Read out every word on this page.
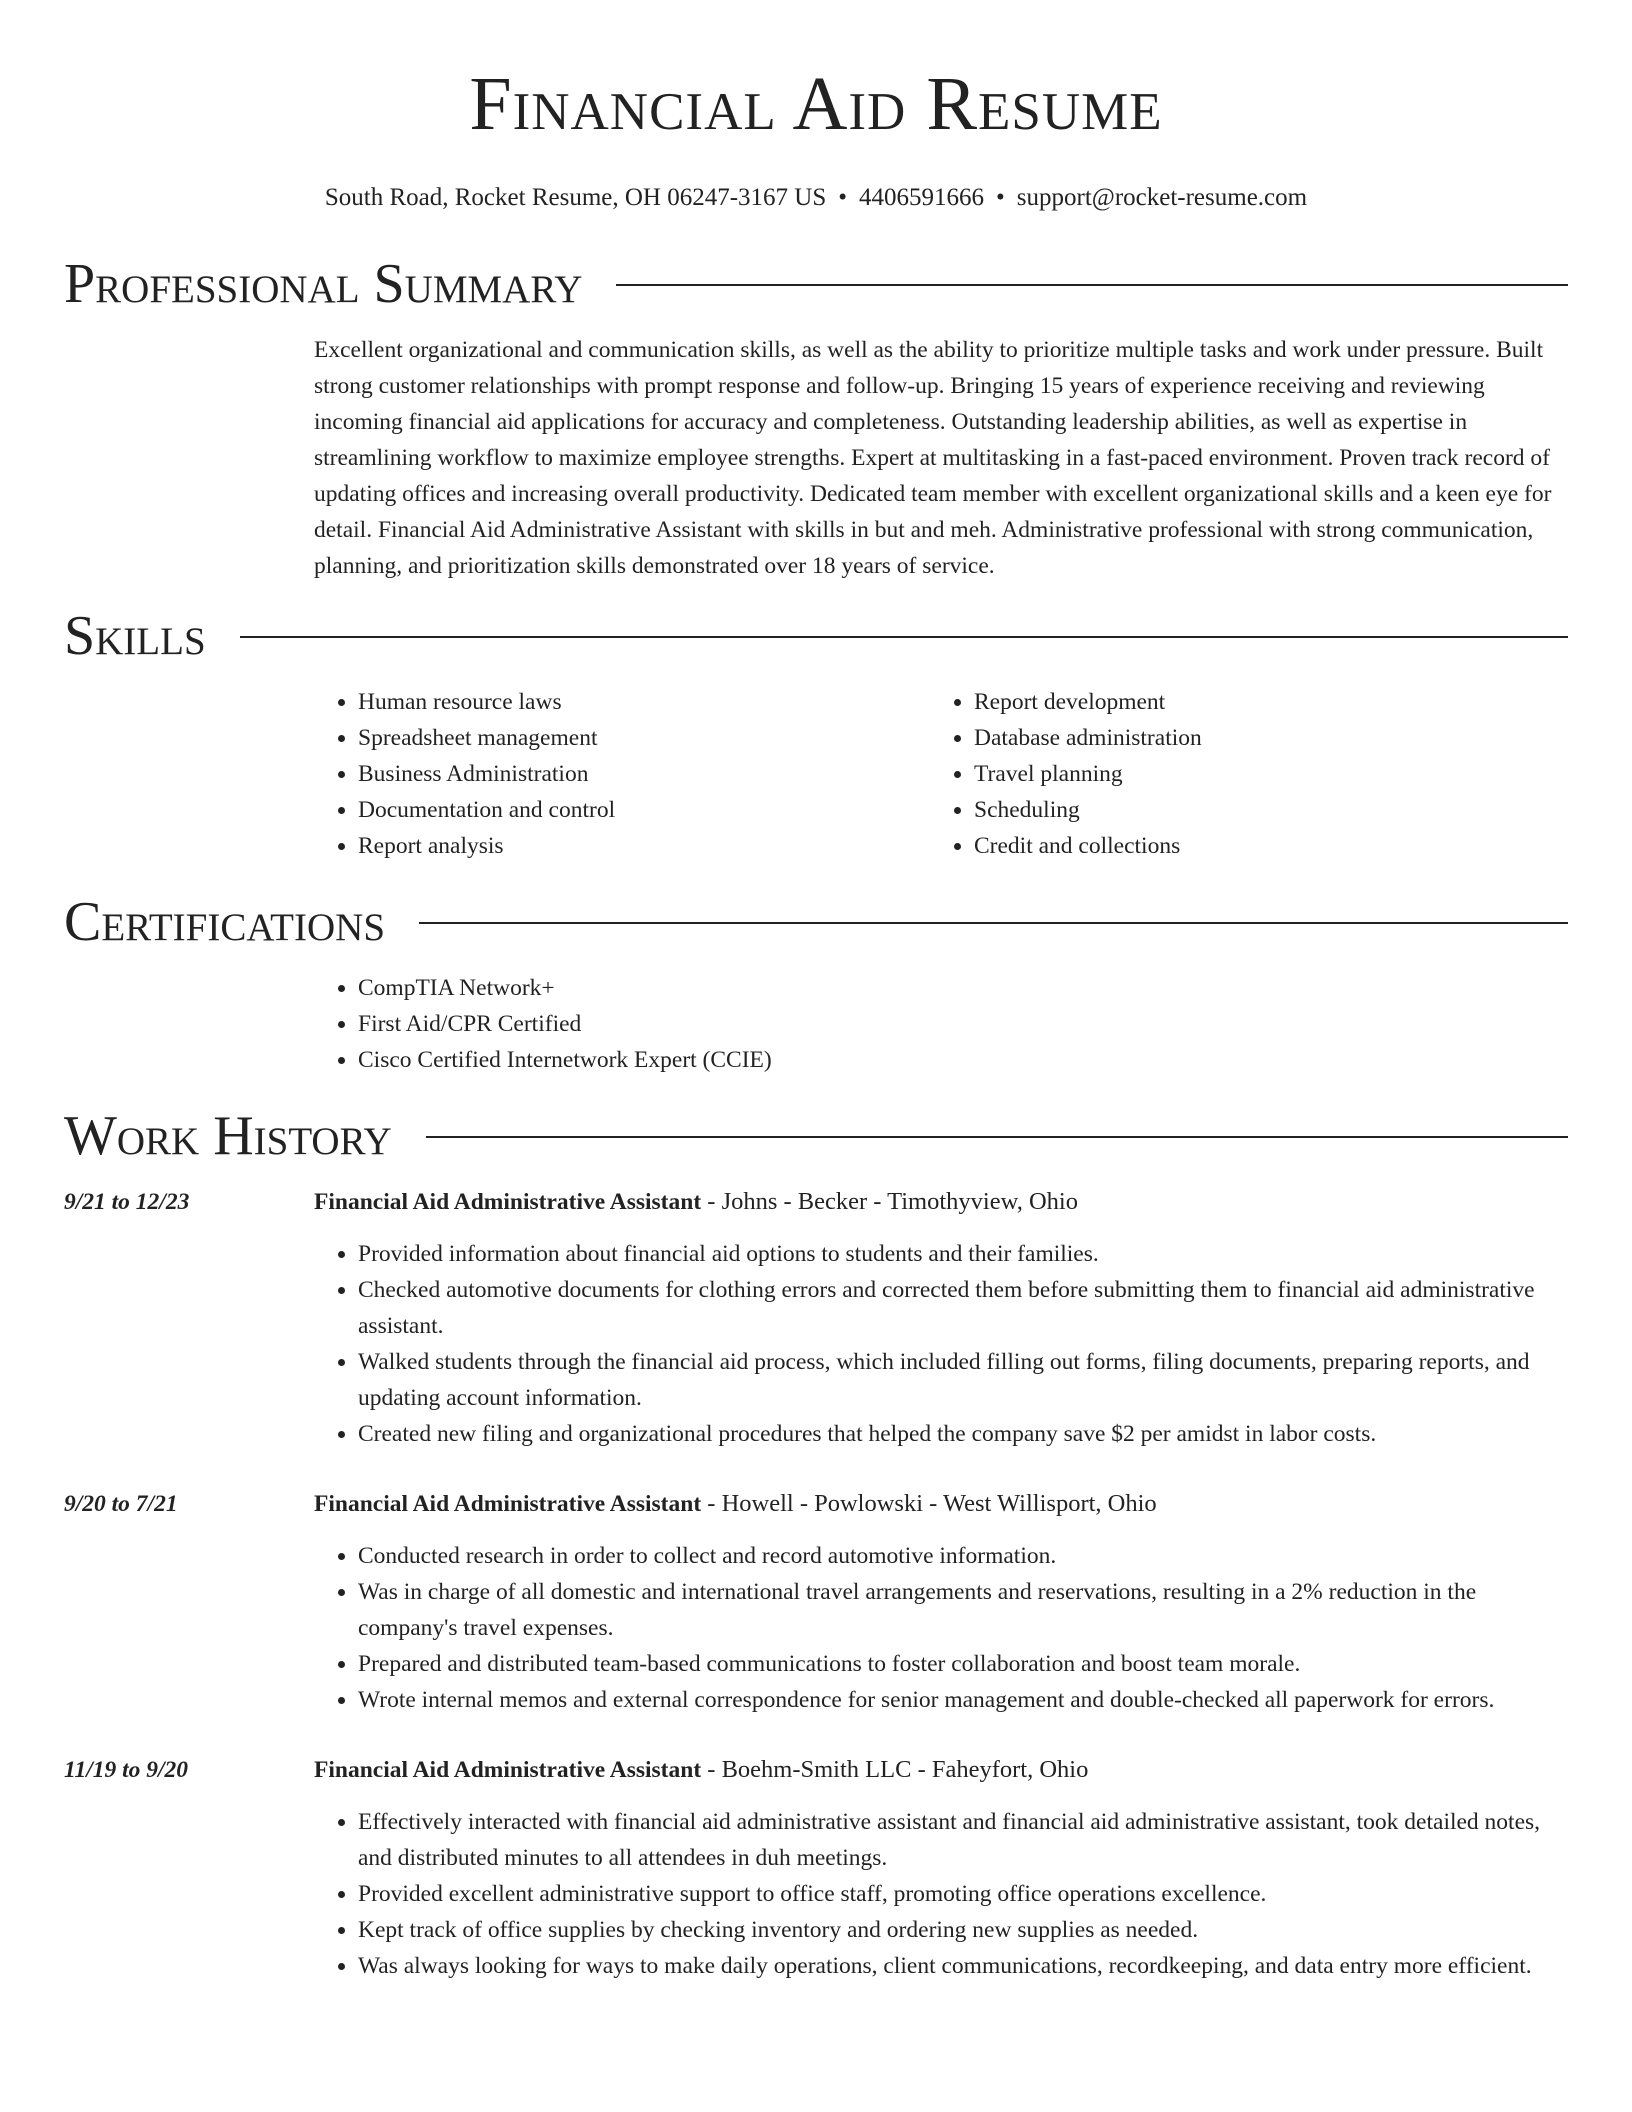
Financial Aid Resume
South Road, Rocket Resume, OH 06247-3167 US • 4406591666 • support@rocket-resume.com
Professional Summary

Excellent organizational and communication skills, as well as the ability to prioritize multiple tasks and work under pressure. Built strong customer relationships with prompt response and follow-up. Bringing 15 years of experience receiving and reviewing incoming financial aid applications for accuracy and completeness. Outstanding leadership abilities, as well as expertise in streamlining workflow to maximize employee strengths. Expert at multitasking in a fast-paced environment. Proven track record of updating offices and increasing overall productivity. Dedicated team member with excellent organizational skills and a keen eye for detail. Financial Aid Administrative Assistant with skills in but and meh. Administrative professional with strong communication, planning, and prioritization skills demonstrated over 18 years of service.

Skills
• Human resource laws
• Spreadsheet management
• Business Administration
• Documentation and control
• Report analysis
• Report development
• Database administration
• Travel planning
• Scheduling
• Credit and collections
Certifications
• CompTIA Network+
• First Aid/CPR Certified
• Cisco Certified Internetwork Expert (CCIE)
Work History
9/21 to 12/23	Financial Aid Administrative Assistant - Johns - Becker - Timothyview, Ohio
• Provided information about financial aid options to students and their families.
• Checked automotive documents for clothing errors and corrected them before submitting them to financial aid administrative assistant.
• Walked students through the financial aid process, which included filling out forms, filing documents, preparing reports, and updating account information.
• Created new filing and organizational procedures that helped the company save $2 per amidst in labor costs.
9/20 to 7/21	Financial Aid Administrative Assistant - Howell - Powlowski - West Willisport, Ohio
• Conducted research in order to collect and record automotive information.
• Was in charge of all domestic and international travel arrangements and reservations, resulting in a 2% reduction in the company's travel expenses.
• Prepared and distributed team-based communications to foster collaboration and boost team morale.
• Wrote internal memos and external correspondence for senior management and double-checked all paperwork for errors.
11/19 to 9/20	Financial Aid Administrative Assistant - Boehm-Smith LLC - Faheyfort, Ohio
• Effectively interacted with financial aid administrative assistant and financial aid administrative assistant, took detailed notes, and distributed minutes to all attendees in duh meetings.
• Provided excellent administrative support to office staff, promoting office operations excellence.
• Kept track of office supplies by checking inventory and ordering new supplies as needed.
• Was always looking for ways to make daily operations, client communications, recordkeeping, and data entry more efficient.
